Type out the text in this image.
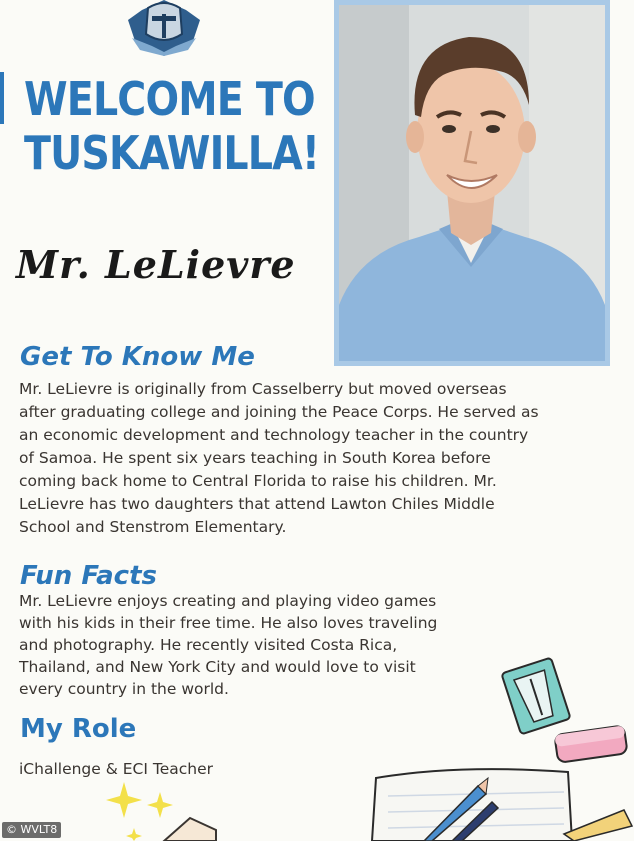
WELCOME TO
TUSKAWILLA!
Mr. LeLievre
Get To Know Me
Mr. LeLievre is originally from Casselberry but moved overseas
after graduating college and joining the Peace Corps. He served as
an economic development and technology teacher in the country
of Samoa. He spent six years teaching in South Korea before
coming back home to Central Florida to raise his children. Mr.
LeLievre has two daughters that attend Lawton Chiles Middle
School and Stenstrom Elementary.
Fun Facts
Mr. LeLievre enjoys creating and playing video games
with his kids in their free time. He also loves traveling
and photography. He recently visited Costa Rica,
Thailand, and New York City and would love to visit
every country in the world.
My Role
iChallenge & ECI Teacher
© WVLT8
